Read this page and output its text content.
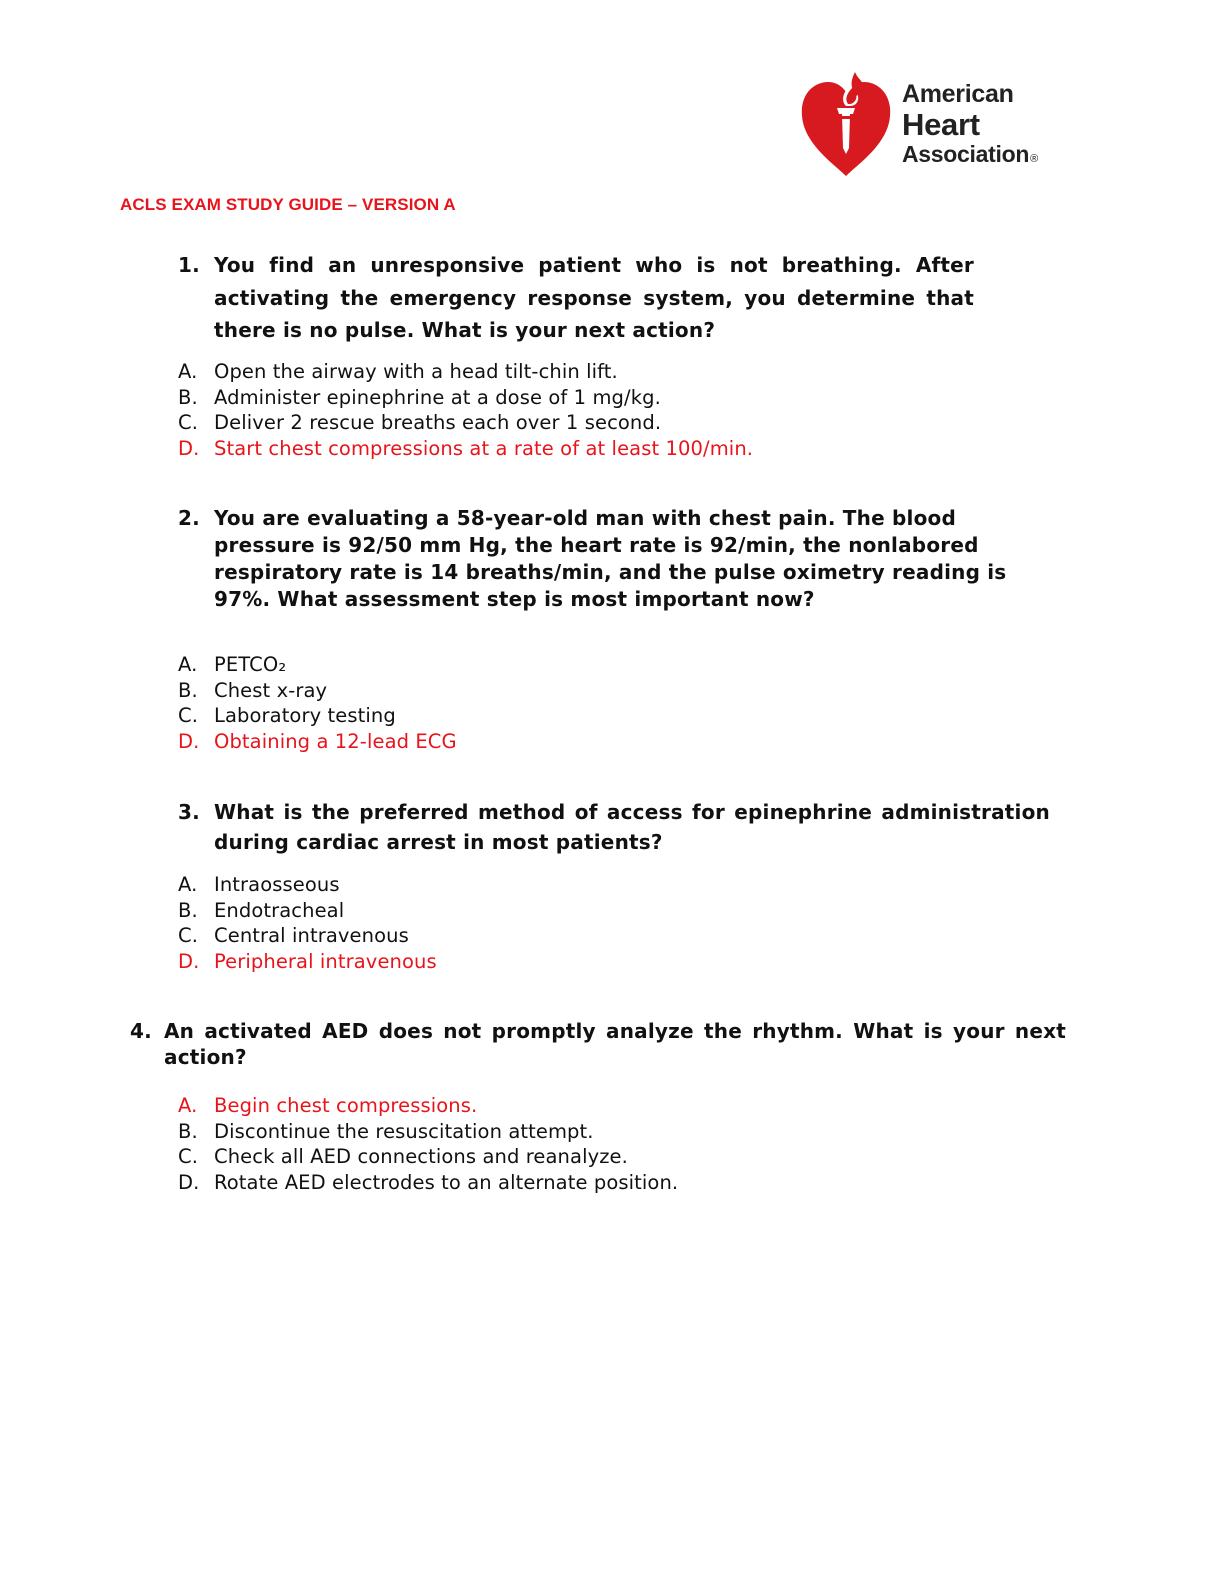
American
Heart
Association®
ACLS EXAM STUDY GUIDE – VERSION A
1. You find an unresponsive patient who is not breathing. After activating the emergency response system, you determine that there is no pulse. What is your next action?
A. Open the airway with a head tilt-chin lift.
B. Administer epinephrine at a dose of 1 mg/kg.
C. Deliver 2 rescue breaths each over 1 second.
D. Start chest compressions at a rate of at least 100/min.
2. You are evaluating a 58-year-old man with chest pain. The blood pressure is 92/50 mm Hg, the heart rate is 92/min, the nonlabored respiratory rate is 14 breaths/min, and the pulse oximetry reading is 97%. What assessment step is most important now?
A. PETCO₂
B. Chest x-ray
C. Laboratory testing
D. Obtaining a 12-lead ECG
3. What is the preferred method of access for epinephrine administration during cardiac arrest in most patients?
A. Intraosseous
B. Endotracheal
C. Central intravenous
D. Peripheral intravenous
4. An activated AED does not promptly analyze the rhythm. What is your next action?
A. Begin chest compressions.
B. Discontinue the resuscitation attempt.
C. Check all AED connections and reanalyze.
D. Rotate AED electrodes to an alternate position.
